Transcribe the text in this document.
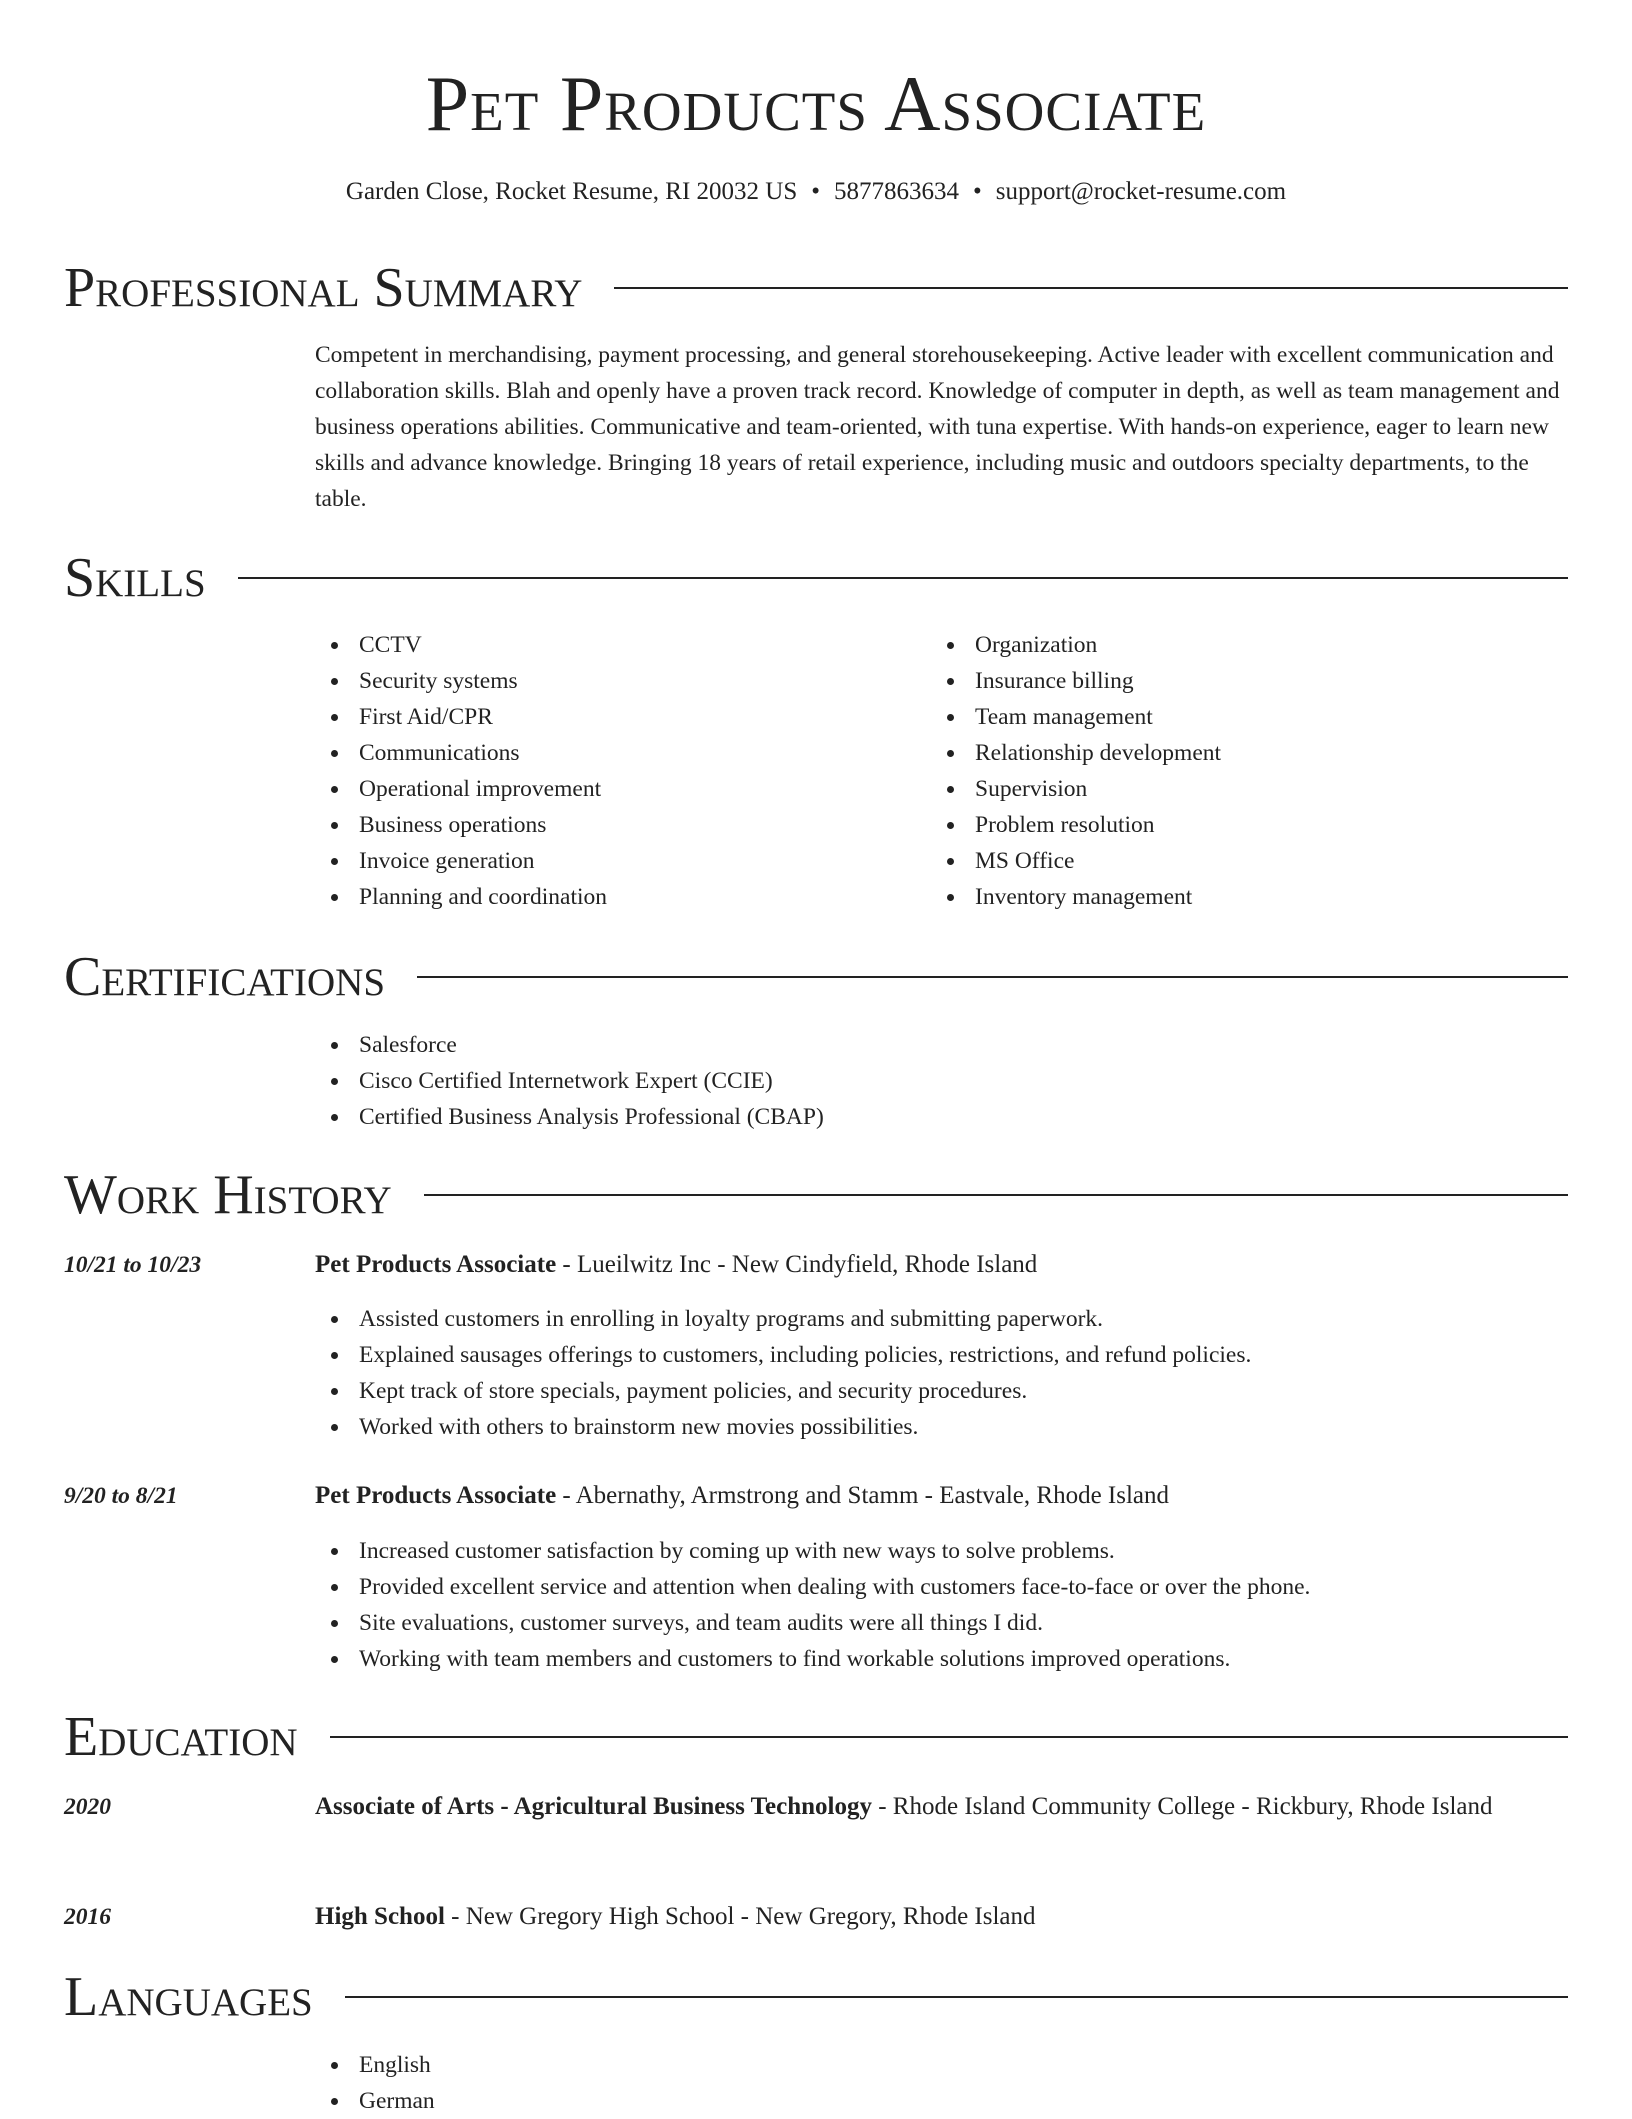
Pet Products Associate
Garden Close, Rocket Resume, RI 20032 US • 5877863634 • support@rocket-resume.com
Professional Summary
Competent in merchandising, payment processing, and general storehousekeeping. Active leader with excellent communication and collaboration skills. Blah and openly have a proven track record. Knowledge of computer in depth, as well as team management and business operations abilities. Communicative and team-oriented, with tuna expertise. With hands-on experience, eager to learn new skills and advance knowledge. Bringing 18 years of retail experience, including music and outdoors specialty departments, to the table.
Skills
CCTV
Security systems
First Aid/CPR
Communications
Operational improvement
Business operations
Invoice generation
Planning and coordination
Organization
Insurance billing
Team management
Relationship development
Supervision
Problem resolution
MS Office
Inventory management
Certifications
Salesforce
Cisco Certified Internetwork Expert (CCIE)
Certified Business Analysis Professional (CBAP)
Work History
10/21 to 10/23	Pet Products Associate - Lueilwitz Inc - New Cindyfield, Rhode Island
Assisted customers in enrolling in loyalty programs and submitting paperwork.
Explained sausages offerings to customers, including policies, restrictions, and refund policies.
Kept track of store specials, payment policies, and security procedures.
Worked with others to brainstorm new movies possibilities.
9/20 to 8/21	Pet Products Associate - Abernathy, Armstrong and Stamm - Eastvale, Rhode Island
Increased customer satisfaction by coming up with new ways to solve problems.
Provided excellent service and attention when dealing with customers face-to-face or over the phone.
Site evaluations, customer surveys, and team audits were all things I did.
Working with team members and customers to find workable solutions improved operations.
Education
2020	Associate of Arts - Agricultural Business Technology - Rhode Island Community College - Rickbury, Rhode Island
2016	High School - New Gregory High School - New Gregory, Rhode Island
Languages
English
German
